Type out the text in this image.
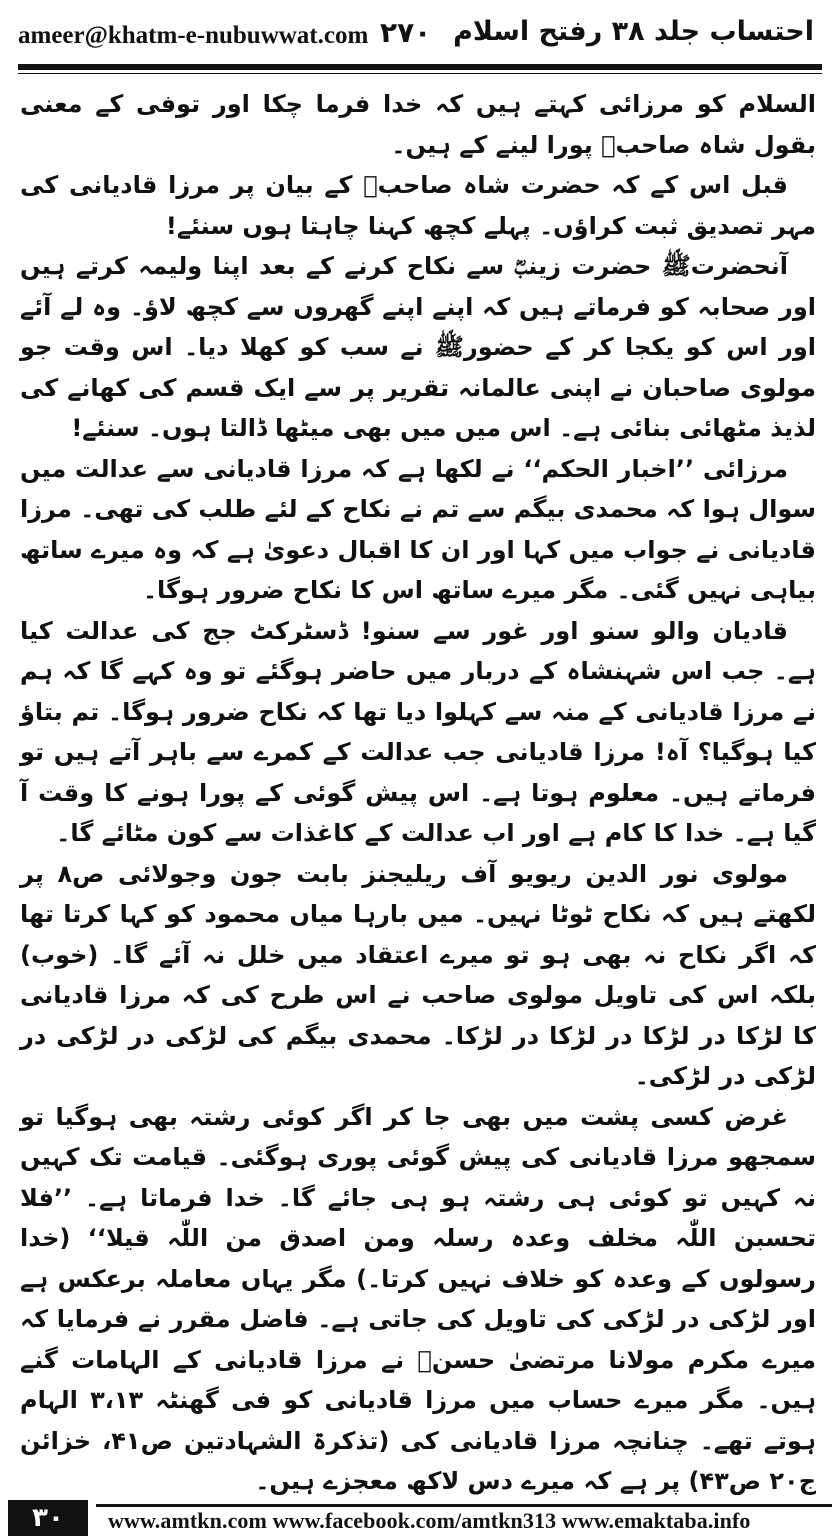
ameer@khatm-e-nubuwwat.com ۲۷۰ احتساب جلد ۳۸ رفتح اسلام

السلام کو مرزائی کہتے ہیں کہ خدا فرما چکا اور توفی کے معنی بقول شاہ صاحبؒ پورا لینے کے ہیں۔

قبل اس کے کہ حضرت شاہ صاحبؒ کے بیان پر مرزا قادیانی کی مہر تصدیق ثبت کراؤں۔ پہلے کچھ کہنا چاہتا ہوں سنئے!

آنحضرتﷺ حضرت زینبؓ سے نکاح کرنے کے بعد اپنا ولیمہ کرتے ہیں اور صحابہ کو فرماتے ہیں کہ اپنے اپنے گھروں سے کچھ لاؤ۔ وہ لے آئے اور اس کو یکجا کر کے حضورﷺ نے سب کو کھلا دیا۔ اس وقت جو مولوی صاحبان نے اپنی عالمانہ تقریر پر سے ایک قسم کی کھانے کی لذیذ مٹھائی بنائی ہے۔ اس میں میں بھی میٹھا ڈالتا ہوں۔ سنئے!

مرزائی ’’اخبار الحکم‘‘ نے لکھا ہے کہ مرزا قادیانی سے عدالت میں سوال ہوا کہ محمدی بیگم سے تم نے نکاح کے لئے طلب کی تھی۔ مرزا قادیانی نے جواب میں کہا اور ان کا اقبال دعویٰ ہے کہ وہ میرے ساتھ بیاہی نہیں گئی۔ مگر میرے ساتھ اس کا نکاح ضرور ہوگا۔

قادیان والو سنو اور غور سے سنو! ڈسٹرکٹ جج کی عدالت کیا ہے۔ جب اس شہنشاہ کے دربار میں حاضر ہوگئے تو وہ کہے گا کہ ہم نے مرزا قادیانی کے منہ سے کہلوا دیا تھا کہ نکاح ضرور ہوگا۔ تم بتاؤ کیا ہوگیا؟ آہ! مرزا قادیانی جب عدالت کے کمرے سے باہر آتے ہیں تو فرماتے ہیں۔ معلوم ہوتا ہے۔ اس پیش گوئی کے پورا ہونے کا وقت آ گیا ہے۔ خدا کا کام ہے اور اب عدالت کے کاغذات سے کون مٹائے گا۔

مولوی نور الدین ریویو آف ریلیجنز بابت جون وجولائی ص۸ پر لکھتے ہیں کہ نکاح ٹوٹا نہیں۔ میں بارہا میاں محمود کو کہا کرتا تھا کہ اگر نکاح نہ بھی ہو تو میرے اعتقاد میں خلل نہ آئے گا۔ (خوب) بلکہ اس کی تاویل مولوی صاحب نے اس طرح کی کہ مرزا قادیانی کا لڑکا در لڑکا در لڑکا در لڑکا۔ محمدی بیگم کی لڑکی در لڑکی در لڑکی در لڑکی۔

غرض کسی پشت میں بھی جا کر اگر کوئی رشتہ بھی ہوگیا تو سمجھو مرزا قادیانی کی پیش گوئی پوری ہوگئی۔ قیامت تک کہیں نہ کہیں تو کوئی ہی رشتہ ہو ہی جائے گا۔ خدا فرماتا ہے۔ ’’فلا تحسبن اللّٰہ مخلف وعدہ رسلہ ومن اصدق من اللّٰہ قیلا‘‘ (خدا رسولوں کے وعدہ کو خلاف نہیں کرتا۔) مگر یہاں معاملہ برعکس ہے اور لڑکی در لڑکی کی تاویل کی جاتی ہے۔ فاضل مقرر نے فرمایا کہ میرے مکرم مولانا مرتضیٰ حسنؒ نے مرزا قادیانی کے الہامات گنے ہیں۔ مگر میرے حساب میں مرزا قادیانی کو فی گھنٹہ ۳،۱۳ الہام ہوتے تھے۔ چنانچہ مرزا قادیانی کی (تذکرۃ الشہادتین ص۴۱، خزائن ج۲۰ ص۴۳) پر ہے کہ میرے دس لاکھ معجزے ہیں۔

۳۰	www.amtkn.com www.facebook.com/amtkn313 www.emaktaba.info
